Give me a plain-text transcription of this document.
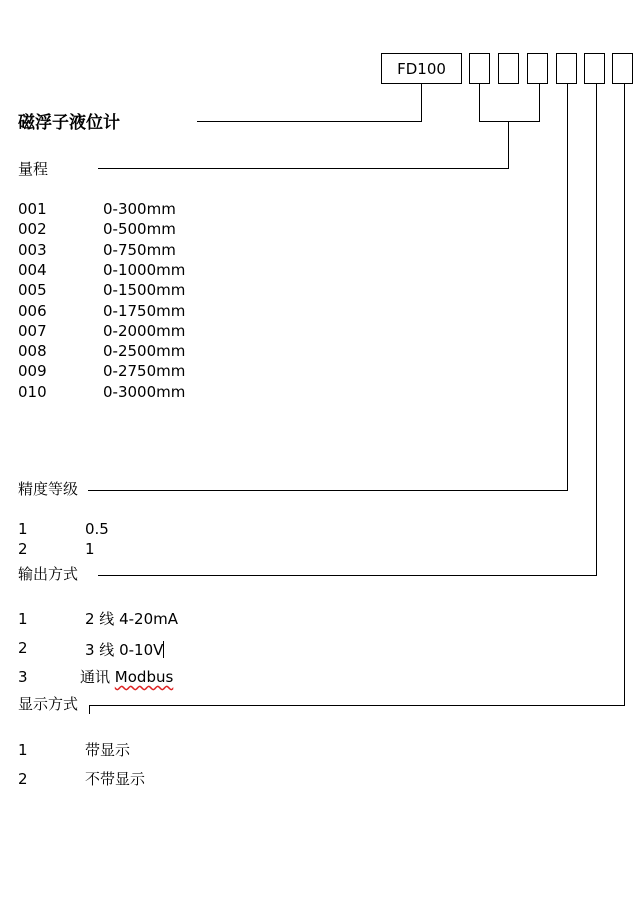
FD100
磁浮子液位计
量程
001	0-300mm
002	0-500mm
003	0-750mm
004	0-1000mm
005	0-1500mm
006	0-1750mm
007	0-2000mm
008	0-2500mm
009	0-2750mm
010	0-3000mm
精度等级
1	0.5
2	1
输出方式
1	2 线 4-20mA
2	3 线 0-10V
3	通讯 Modbus
显示方式
1	带显示
2	不带显示
